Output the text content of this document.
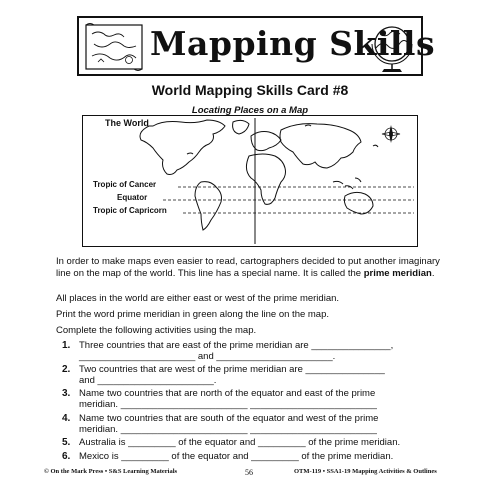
Mapping Skills
World Mapping Skills Card #8
Locating Places on a Map
The World
Tropic of Cancer
Equator
Tropic of Capricorn
In order to make maps even easier to read, cartographers decided to put another imaginary line on the map of the world. This line has a special name. It is called the prime meridian.
All places in the world are either east or west of the prime meridian.
Print the word prime meridian in green along the line on the map.
Complete the following activities using the map.
1. Three countries that are east of the prime meridian are _______________,
______________________ and ______________________.
2. Two countries that are west of the prime meridian are _______________
and ______________________.
3. Name two countries that are north of the equator and east of the prime
meridian. ________________________ ________________________
4. Name two countries that are south of the equator and west of the prime
meridian. ________________________ ________________________
5. Australia is _________ of the equator and _________ of the prime meridian.
6. Mexico is _________ of the equator and _________ of the prime meridian.
© On the Mark Press • S&S Learning Materials	56	OTM-119 • SSA1-19 Mapping Activities & Outlines
